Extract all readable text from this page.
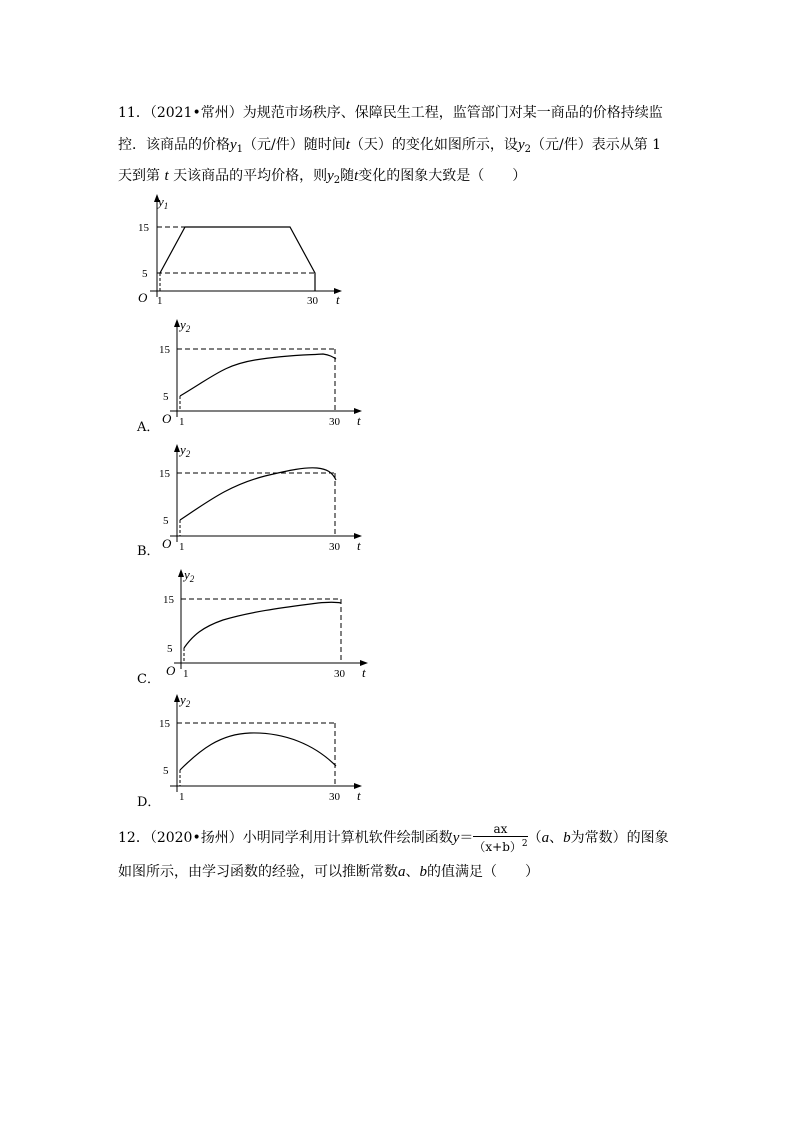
11．（2021•常州）为规范市场秩序、保障民生工程，监管部门对某一商品的价格持续监
控．该商品的价格$y_1$（元/件）随时间t（天）的变化如图所示，设$y_2$（元/件）表示从第 1
天到第 t 天该商品的平均价格，则$y_2$随t变化的图象大致是（　　）
$y_1$
15
5
O 1	30 t
$y_2$
15
5
O 1	30 t
A．
$y_2$
15
5
O 1	30 t
B．
$y_2$
15
5
O 1	30 t
C．
$y_2$
15
5
1	30 t
D．
12．（2020•扬州）小明同学利用计算机软件绘制函数$y= \frac{ax}{(x+b)^2} (a$、b为常数）的图象
如图所示，由学习函数的经验，可以推断常数a、b的值满足（　　）
